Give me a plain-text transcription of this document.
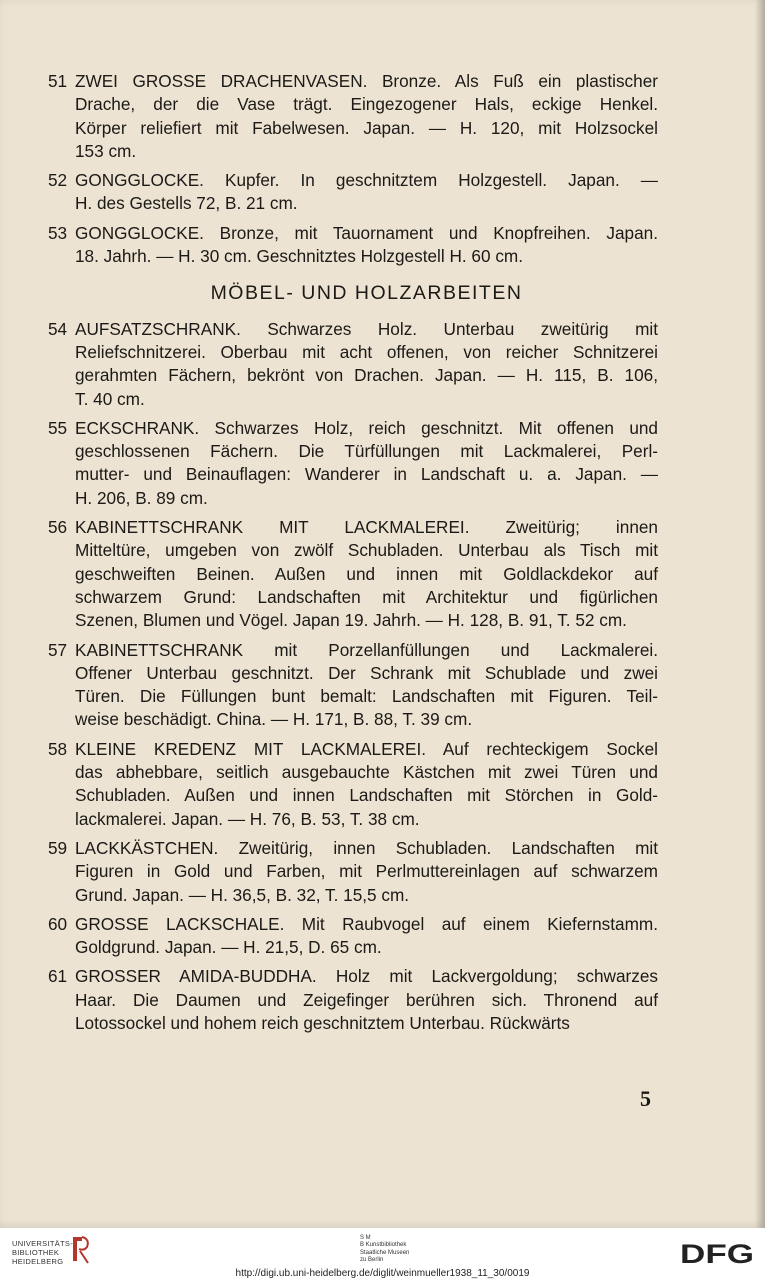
51 ZWEI GROSSE DRACHENVASEN. Bronze. Als Fuß ein plastischer
Drache, der die Vase trägt. Eingezogener Hals, eckige Henkel.
Körper reliefiert mit Fabelwesen. Japan. — H. 120, mit Holzsockel
153 cm.
52 GONGGLOCKE. Kupfer. In geschnitztem Holzgestell. Japan. —
H. des Gestells 72, B. 21 cm.
53 GONGGLOCKE. Bronze, mit Tauornament und Knopfreihen. Japan.
18. Jahrh. — H. 30 cm. Geschnitztes Holzgestell H. 60 cm.
MÖBEL- UND HOLZARBEITEN
54 AUFSATZSCHRANK. Schwarzes Holz. Unterbau zweitürig mit
Reliefschnitzerei. Oberbau mit acht offenen, von reicher Schnitzerei
gerahmten Fächern, bekrönt von Drachen. Japan. — H. 115, B. 106,
T. 40 cm.
55 ECKSCHRANK. Schwarzes Holz, reich geschnitzt. Mit offenen und
geschlossenen Fächern. Die Türfüllungen mit Lackmalerei, Perl-
mutter- und Beinauflagen: Wanderer in Landschaft u. a. Japan. —
H. 206, B. 89 cm.
56 KABINETTSCHRANK MIT LACKMALEREI. Zweitürig; innen
Mitteltüre, umgeben von zwölf Schubladen. Unterbau als Tisch mit
geschweiften Beinen. Außen und innen mit Goldlackdekor auf
schwarzem Grund: Landschaften mit Architektur und figürlichen
Szenen, Blumen und Vögel. Japan 19. Jahrh. — H. 128, B. 91, T. 52 cm.
57 KABINETTSCHRANK mit Porzellanfüllungen und Lackmalerei.
Offener Unterbau geschnitzt. Der Schrank mit Schublade und zwei
Türen. Die Füllungen bunt bemalt: Landschaften mit Figuren. Teil-
weise beschädigt. China. — H. 171, B. 88, T. 39 cm.
58 KLEINE KREDENZ MIT LACKMALEREI. Auf rechteckigem Sockel
das abhebbare, seitlich ausgebauchte Kästchen mit zwei Türen und
Schubladen. Außen und innen Landschaften mit Störchen in Gold-
lackmalerei. Japan. — H. 76, B. 53, T. 38 cm.
59 LACKKÄSTCHEN. Zweitürig, innen Schubladen. Landschaften mit
Figuren in Gold und Farben, mit Perlmuttereinlagen auf schwarzem
Grund. Japan. — H. 36,5, B. 32, T. 15,5 cm.
60 GROSSE LACKSCHALE. Mit Raubvogel auf einem Kiefernstamm.
Goldgrund. Japan. — H. 21,5, D. 65 cm.
61 GROSSER AMIDA-BUDDHA. Holz mit Lackvergoldung; schwarzes
Haar. Die Daumen und Zeigefinger berühren sich. Thronend auf
Lotossockel und hohem reich geschnitztem Unterbau. Rückwärts
5
UNIVERSITÄTS-
BIBLIOTHEK
HEIDELBERG
S M
B Kunstbibliothek
Staatliche Museen
zu Berlin	DFG
http://digi.ub.uni-heidelberg.de/diglit/weinmueller1938_11_30/0019
